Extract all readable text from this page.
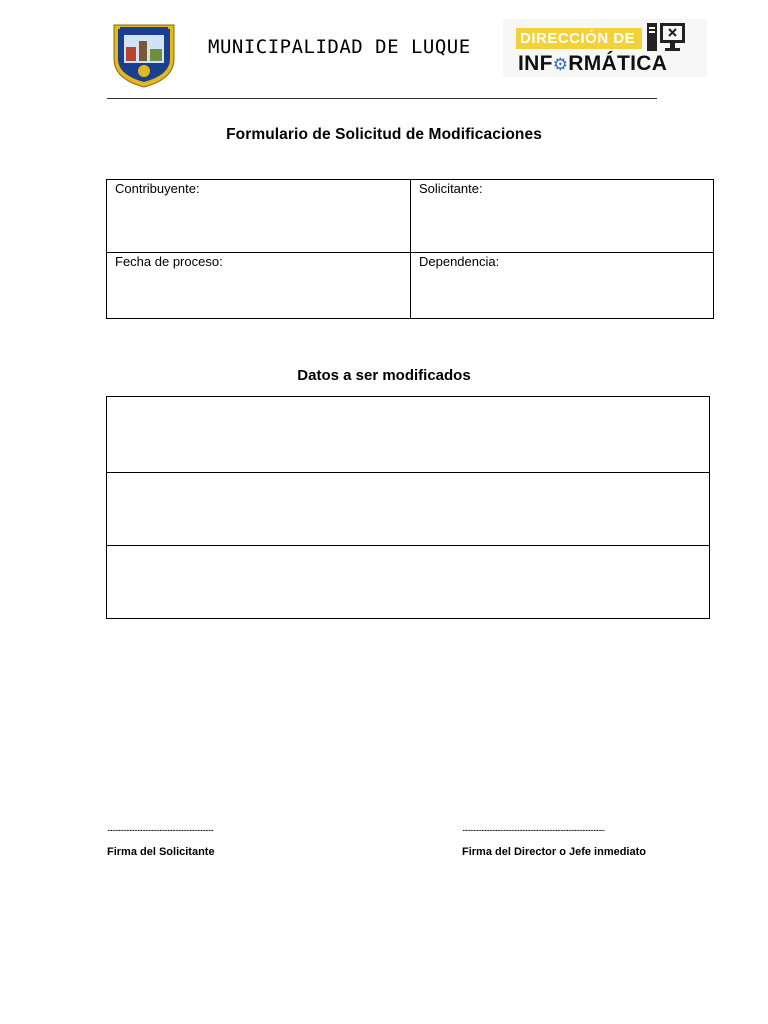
MUNICIPALIDAD DE LUQUE	DIRECCIÓN DE
INF⚙RMÁTICA
Formulario de Solicitud de Modificaciones
Contribuyente:	Solicitante:
Fecha de proceso:	Dependencia:
Datos a ser modificados
...................................................................	..........................................................................................
Firma del Solicitante	Firma del Director o Jefe inmediato
